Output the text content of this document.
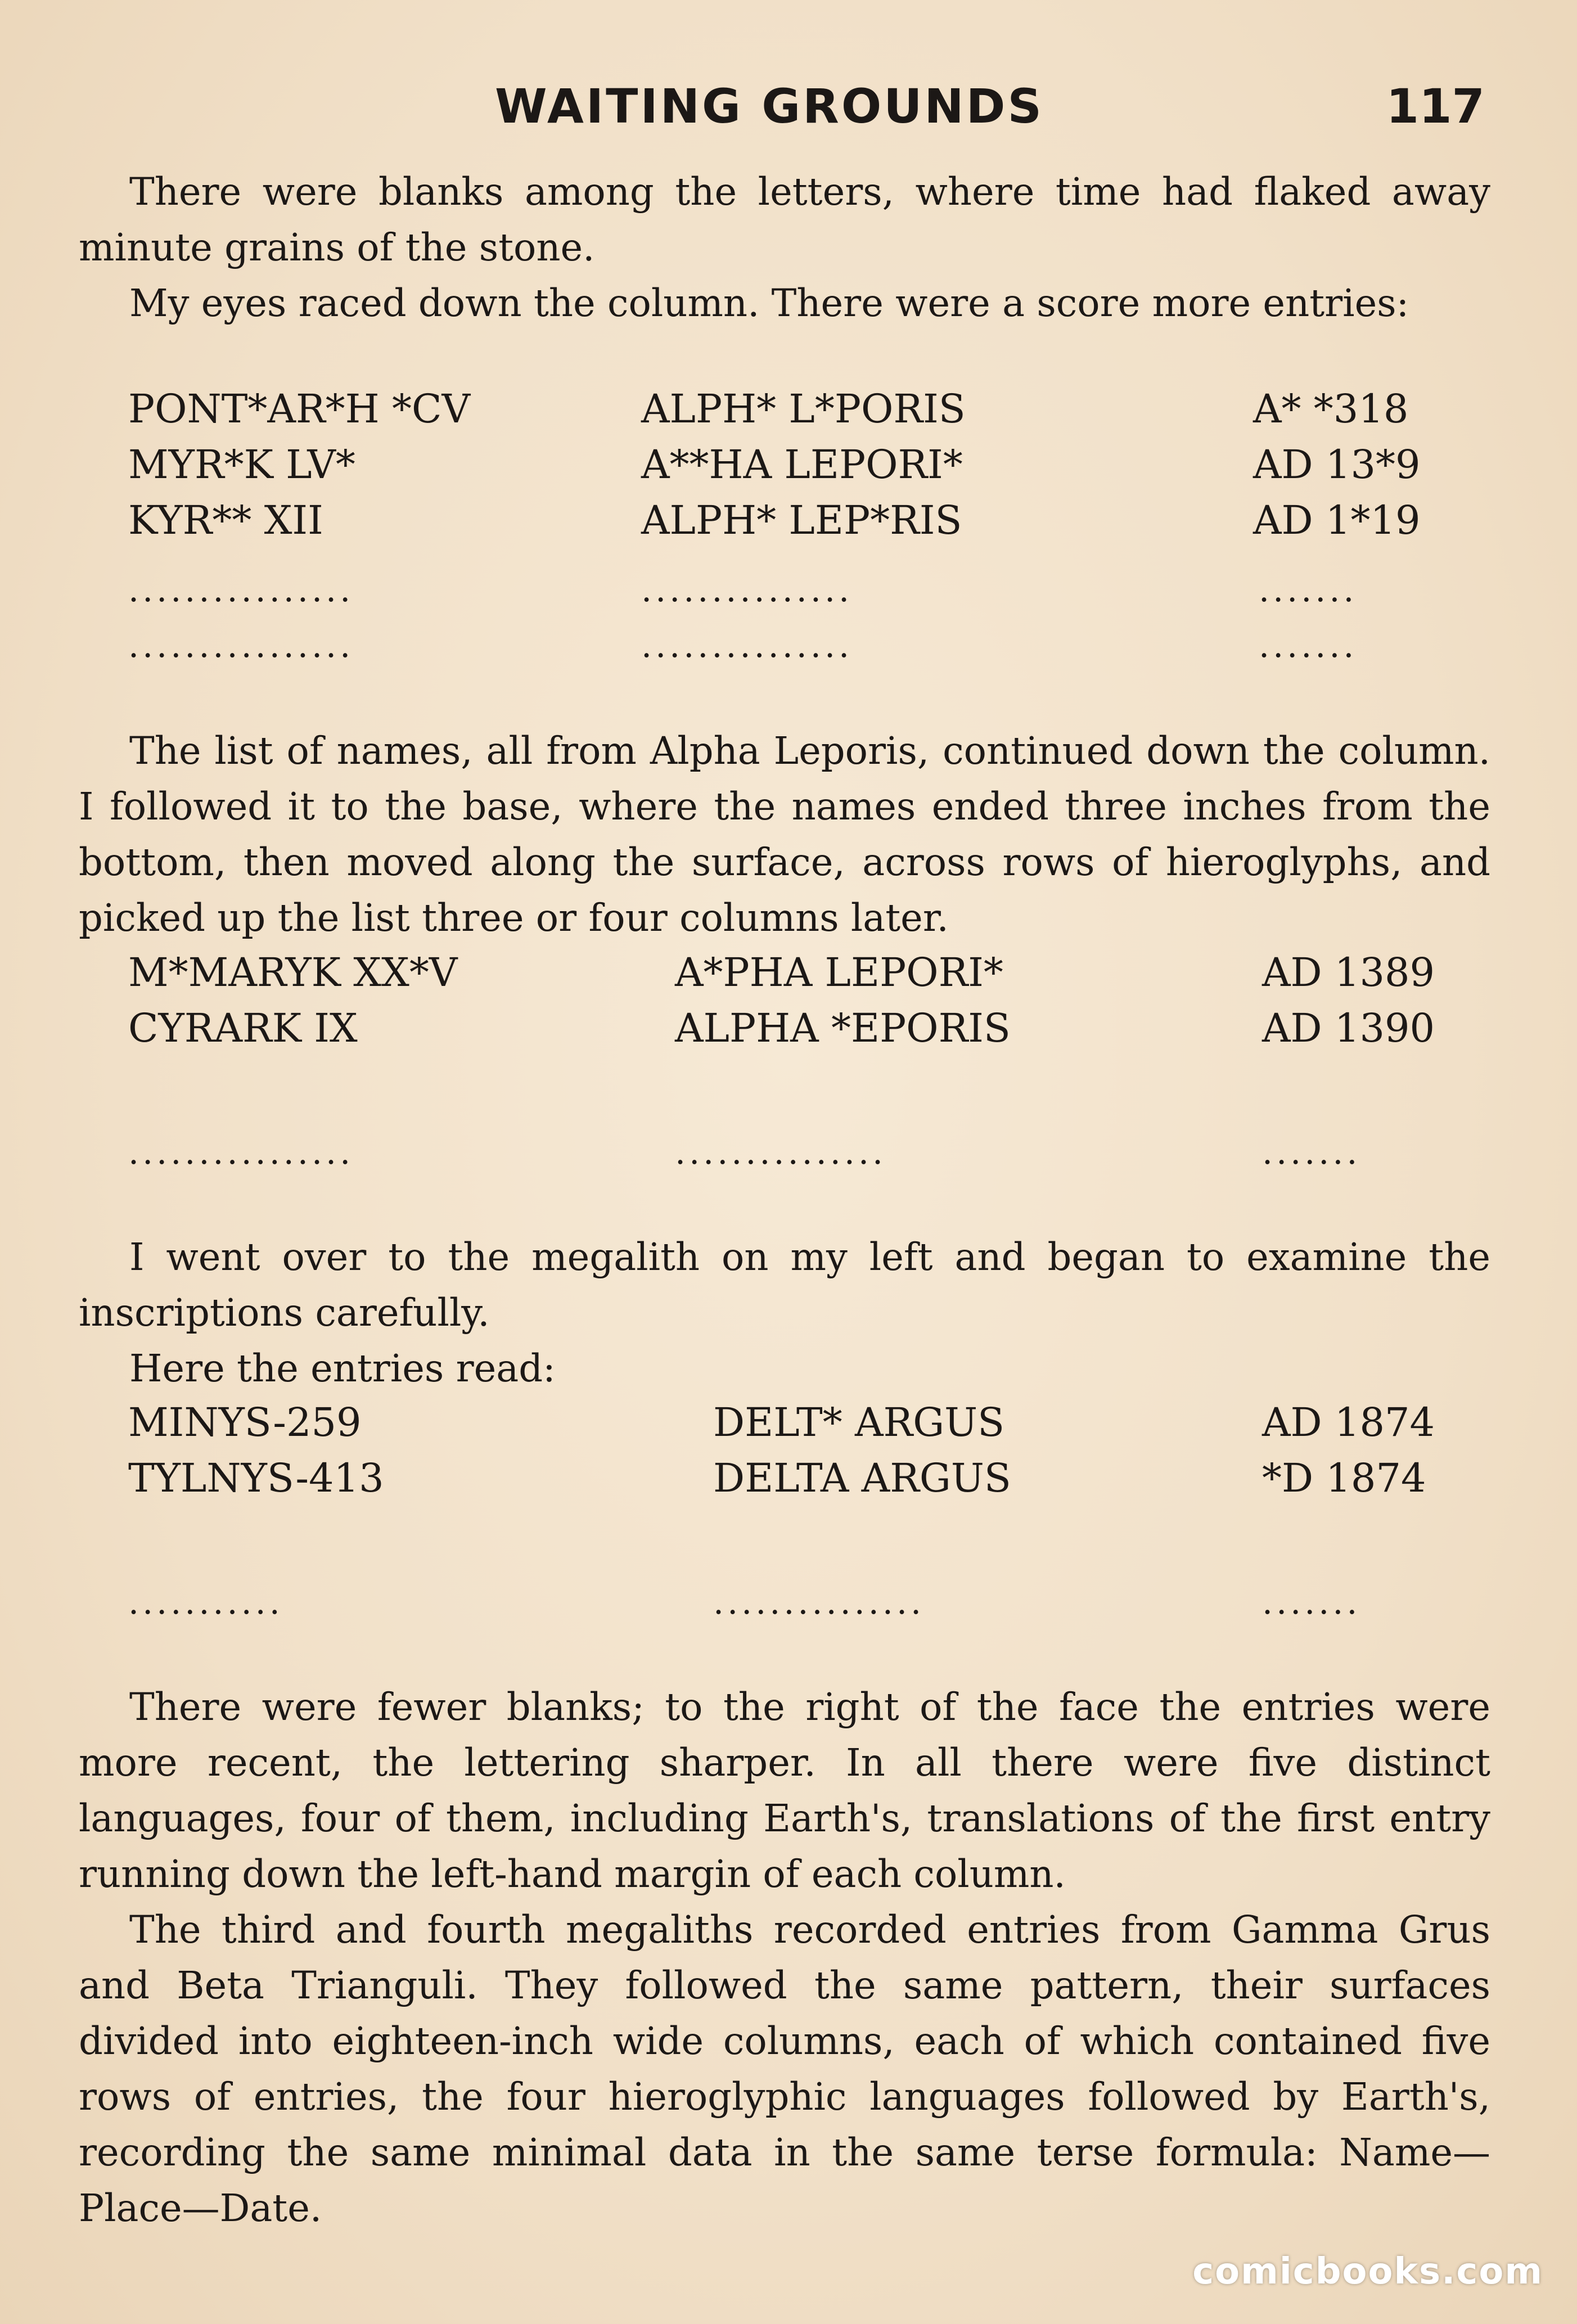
WAITING GROUNDS	117

There were blanks among the letters, where time had flaked away minute grains of the stone.

My eyes raced down the column. There were a score more entries:

PONT*AR*H *CV	ALPH* L*PORIS	A* *318
MYR*K LV*	A**HA LEPORI*	AD 13*9
KYR** XII	ALPH* LEP*RIS	AD 1*19
................	...............	.......
................	...............	.......

The list of names, all from Alpha Leporis, continued down the column. I followed it to the base, where the names ended three inches from the bottom, then moved along the surface, across rows of hieroglyphs, and picked up the list three or four columns later.

M*MARYK XX*V	A*PHA LEPORI*	AD 1389
CYRARK IX	ALPHA *EPORIS	AD 1390
................	...............	.......

I went over to the megalith on my left and began to examine the inscriptions carefully.

Here the entries read:

MINYS-259	DELT* ARGUS	AD 1874
TYLNYS-413	DELTA ARGUS	*D 1874
...........	...............	.......

There were fewer blanks; to the right of the face the entries were more recent, the lettering sharper. In all there were five distinct languages, four of them, including Earth's, translations of the first entry running down the left-hand margin of each column.

The third and fourth megaliths recorded entries from Gamma Grus and Beta Trianguli. They followed the same pattern, their surfaces divided into eighteen-inch wide columns, each of which contained five rows of entries, the four hieroglyphic languages followed by Earth's, recording the same minimal data in the same terse formula: Name—Place—Date.

comicbooks.com
